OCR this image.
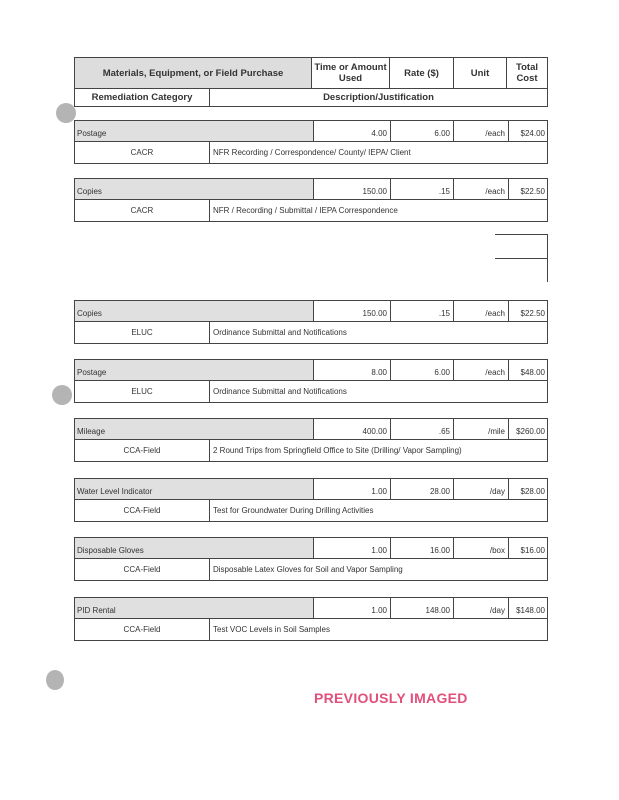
Materials, Equipment, or Field Purchase	Time or Amount Used	Rate ($)	Unit	Total Cost
Remediation Category	Description/Justification
Postage	4.00	6.00	/each	$24.00
CACR	NFR Recording / Correspondence/ County/ IEPA/ Client
Copies	150.00	.15	/each	$22.50
CACR	NFR / Recording / Submittal / IEPA Correspondence
Copies	150.00	.15	/each	$22.50
ELUC	Ordinance Submittal and Notifications
Postage	8.00	6.00	/each	$48.00
ELUC	Ordinance Submittal and Notifications
Mileage	400.00	.65	/mile	$260.00
CCA-Field	2 Round Trips from Springfield Office to Site (Drilling/ Vapor Sampling)
Water Level Indicator	1.00	28.00	/day	$28.00
CCA-Field	Test for Groundwater During Drilling Activities
Disposable Gloves	1.00	16.00	/box	$16.00
CCA-Field	Disposable Latex Gloves for Soil and Vapor Sampling
PID Rental	1.00	148.00	/day	$148.00
CCA-Field	Test VOC Levels in Soil Samples
PREVIOUSLY IMAGED
